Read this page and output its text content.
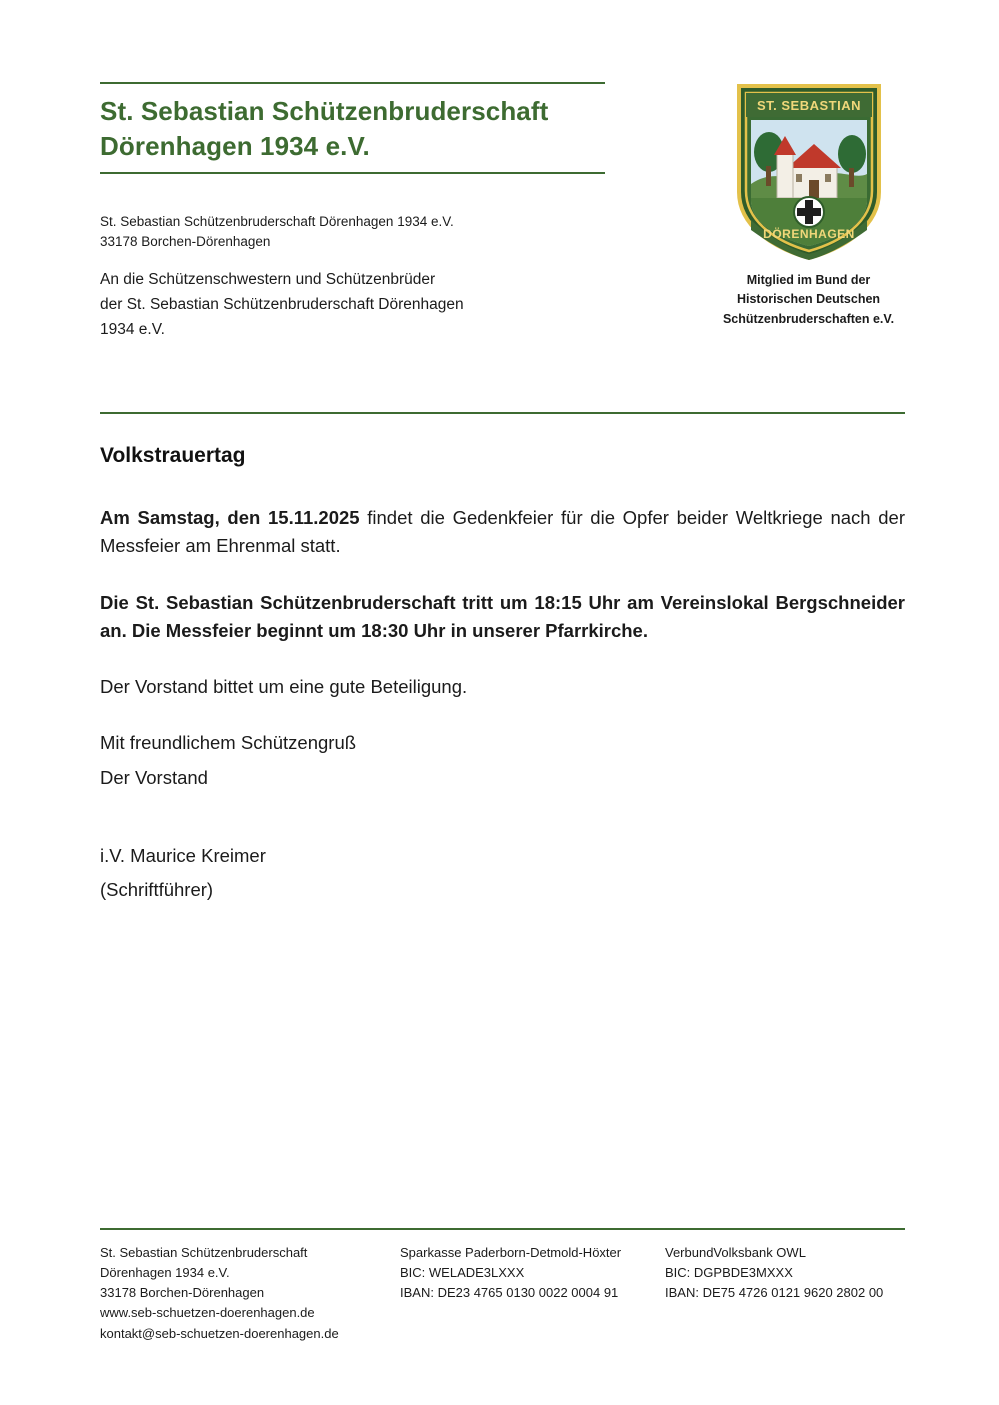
St. Sebastian Schützenbruderschaft Dörenhagen 1934 e.V.
St. Sebastian Schützenbruderschaft Dörenhagen 1934 e.V.
33178 Borchen-Dörenhagen
An die Schützenschwestern und Schützenbrüder
der St. Sebastian Schützenbruderschaft Dörenhagen
1934 e.V.
ST. SEBASTIAN
DÖRENHAGEN
Mitglied im Bund der
Historischen Deutschen
Schützenbruderschaften e.V.
Volkstrauertag

Am Samstag, den 15.11.2025 findet die Gedenkfeier für die Opfer beider Weltkriege nach der Messfeier am Ehrenmal statt.

Die St. Sebastian Schützenbruderschaft tritt um 18:15 Uhr am Vereinslokal Bergschneider an. Die Messfeier beginnt um 18:30 Uhr in unserer Pfarrkirche.

Der Vorstand bittet um eine gute Beteiligung.

Mit freundlichem Schützengruß

Der Vorstand

i.V. Maurice Kreimer

(Schriftführer)

St. Sebastian Schützenbruderschaft
Dörenhagen 1934 e.V.
33178 Borchen-Dörenhagen
www.seb-schuetzen-doerenhagen.de
kontakt@seb-schuetzen-doerenhagen.de
Sparkasse Paderborn-Detmold-Höxter
BIC: WELADE3LXXX
IBAN: DE23 4765 0130 0022 0004 91
VerbundVolksbank OWL
BIC: DGPBDE3MXXX
IBAN: DE75 4726 0121 9620 2802 00
